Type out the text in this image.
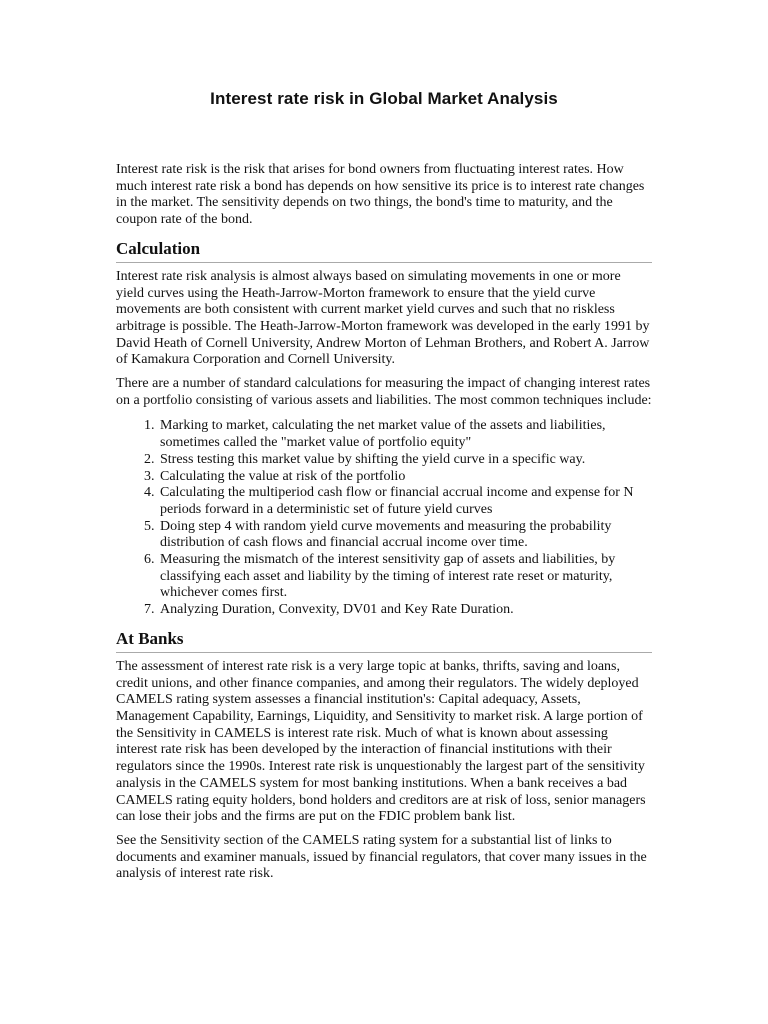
Interest rate risk in Global Market Analysis

Interest rate risk is the risk that arises for bond owners from fluctuating interest rates. How much interest rate risk a bond has depends on how sensitive its price is to interest rate changes in the market. The sensitivity depends on two things, the bond's time to maturity, and the coupon rate of the bond.

Calculation

Interest rate risk analysis is almost always based on simulating movements in one or more yield curves using the Heath-Jarrow-Morton framework to ensure that the yield curve movements are both consistent with current market yield curves and such that no riskless arbitrage is possible. The Heath-Jarrow-Morton framework was developed in the early 1991 by David Heath of Cornell University, Andrew Morton of Lehman Brothers, and Robert A. Jarrow of Kamakura Corporation and Cornell University.

There are a number of standard calculations for measuring the impact of changing interest rates on a portfolio consisting of various assets and liabilities. The most common techniques include:

1. Marking to market, calculating the net market value of the assets and liabilities, sometimes called the "market value of portfolio equity"
2. Stress testing this market value by shifting the yield curve in a specific way.
3. Calculating the value at risk of the portfolio
4. Calculating the multiperiod cash flow or financial accrual income and expense for N periods forward in a deterministic set of future yield curves
5. Doing step 4 with random yield curve movements and measuring the probability distribution of cash flows and financial accrual income over time.
6. Measuring the mismatch of the interest sensitivity gap of assets and liabilities, by classifying each asset and liability by the timing of interest rate reset or maturity, whichever comes first.
7. Analyzing Duration, Convexity, DV01 and Key Rate Duration.
At Banks

The assessment of interest rate risk is a very large topic at banks, thrifts, saving and loans, credit unions, and other finance companies, and among their regulators. The widely deployed CAMELS rating system assesses a financial institution's: Capital adequacy, Assets, Management Capability, Earnings, Liquidity, and Sensitivity to market risk. A large portion of the Sensitivity in CAMELS is interest rate risk. Much of what is known about assessing interest rate risk has been developed by the interaction of financial institutions with their regulators since the 1990s. Interest rate risk is unquestionably the largest part of the sensitivity analysis in the CAMELS system for most banking institutions. When a bank receives a bad CAMELS rating equity holders, bond holders and creditors are at risk of loss, senior managers can lose their jobs and the firms are put on the FDIC problem bank list.

See the Sensitivity section of the CAMELS rating system for a substantial list of links to documents and examiner manuals, issued by financial regulators, that cover many issues in the analysis of interest rate risk.
